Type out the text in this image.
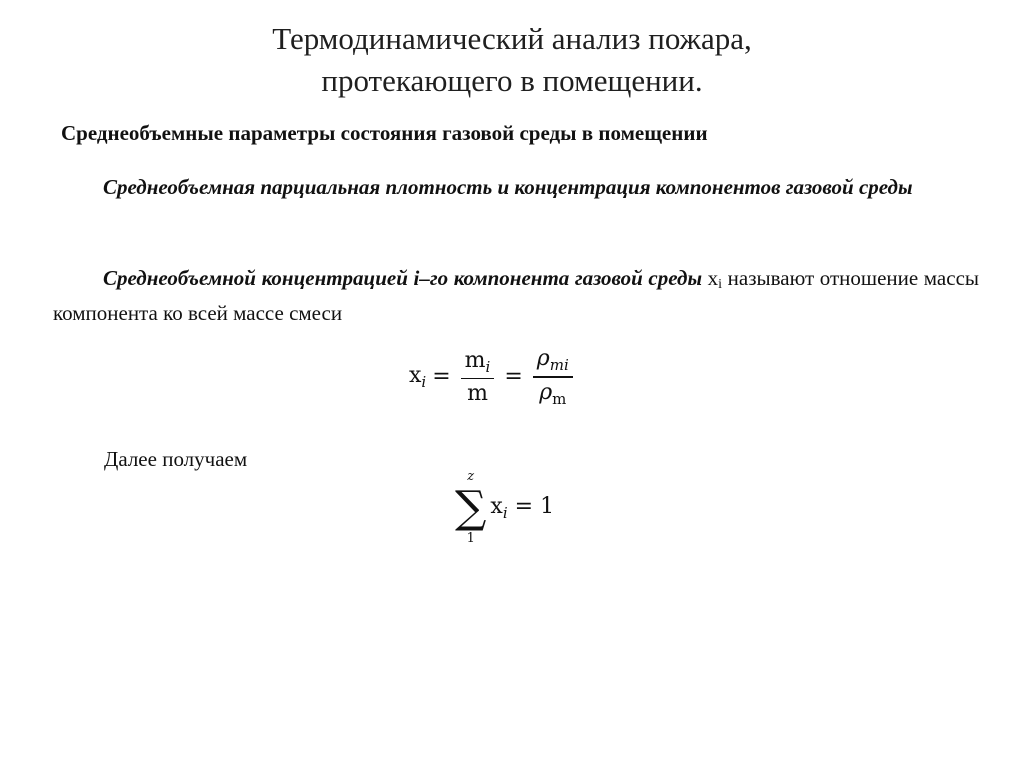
Термодинамический анализ пожара,
протекающего в помещении.
Среднеобъемные параметры состояния газовой среды в помещении
Среднеобъемная парциальная плотность и концентрация компонентов газовой среды
Среднеобъемной концентрацией i–го компонента газовой среды $x_i$ называют отношение массы компонента ко всей массе смеси
$x_i = \frac{m_i}{m} = \frac{\rho_{mi}}{\rho_m}$
Далее получаем
z
∑
1
$x_i = 1$
